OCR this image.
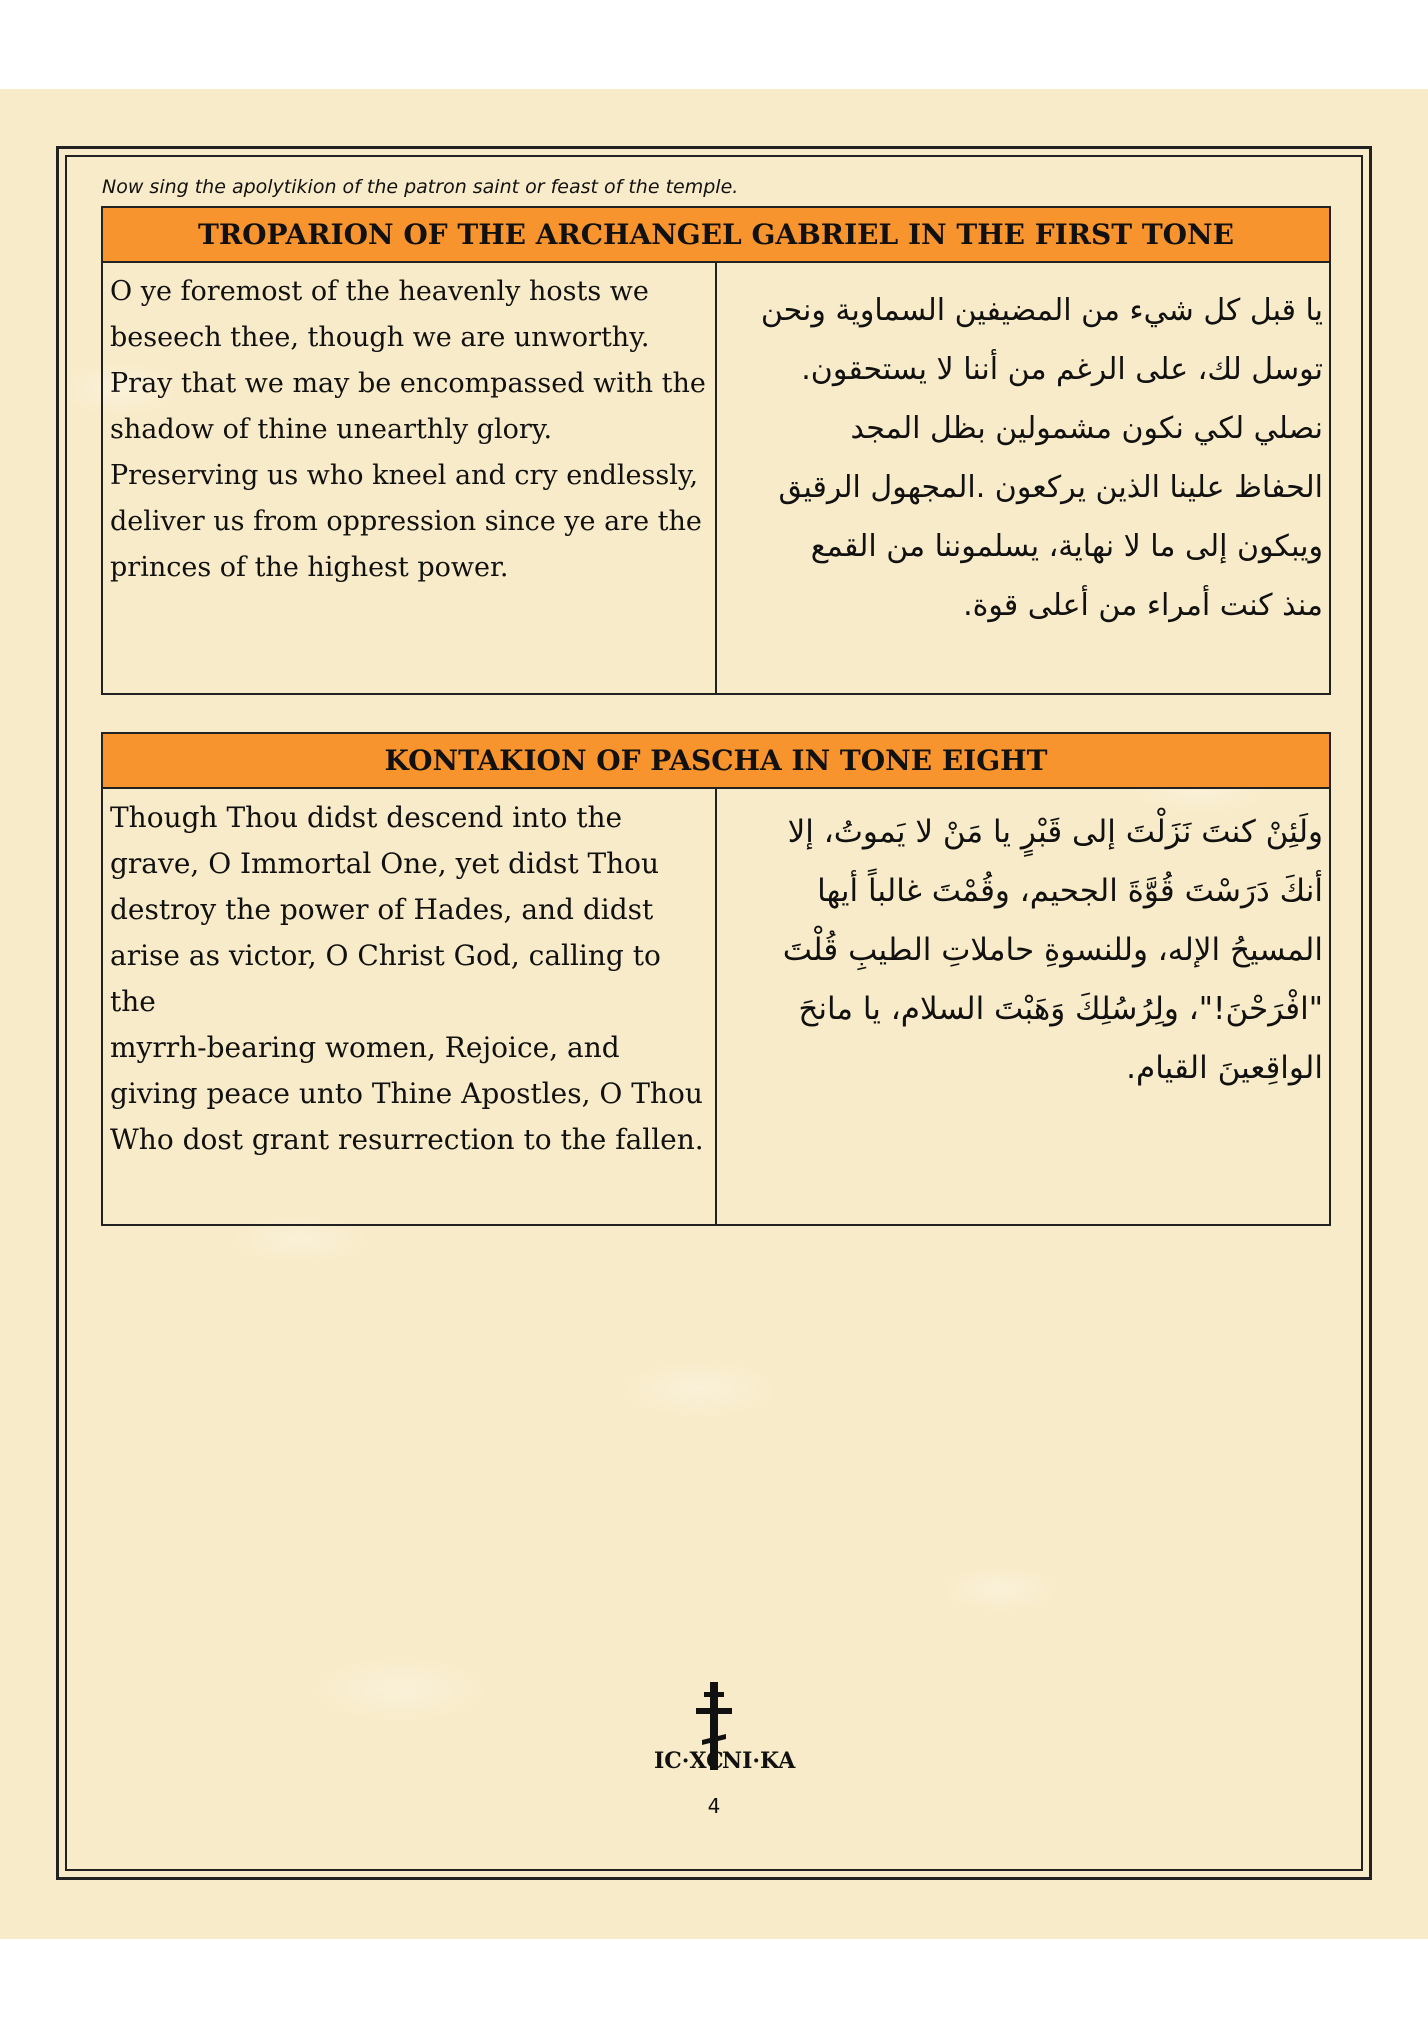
Now sing the apolytikion of the patron saint or feast of the temple.
TROPARION OF THE ARCHANGEL GABRIEL IN THE FIRST TONE
O ye foremost of the heavenly hosts we
beseech thee, though we are unworthy.
Pray that we may be encompassed with the
shadow of thine unearthly glory.
Preserving us who kneel and cry endlessly,
deliver us from oppression since ye are the
princes of the highest power.
يا قبل كل شيء من المضيفين السماوية ونحن
توسل لك، على الرغم من أننا لا يستحقون.
نصلي لكي نكون مشمولين بظل المجد
الحفاظ علينا الذين يركعون .المجهول الرقيق
ويبكون إلى ما لا نهاية، يسلموننا من القمع
منذ كنت أمراء من أعلى قوة.
KONTAKION OF PASCHA IN TONE EIGHT
Though Thou didst descend into the
grave, O Immortal One, yet didst Thou
destroy the power of Hades, and didst
arise as victor, O Christ God, calling to the
myrrh-bearing women, Rejoice, and
giving peace unto Thine Apostles, O Thou
Who dost grant resurrection to the fallen.
ولَئِنْ كنتَ نَزَلْتَ إلى قَبْرٍ يا مَنْ لا يَموتُ، إلا
أنكَ دَرَسْتَ قُوَّةَ الجحيم، وقُمْتَ غالباً أيها
المسيحُ الإله، وللنسوةِ حاملاتِ الطيبِ قُلْتَ
"افْرَحْنَ!"، ولِرُسُلِكَ وَهَبْتَ السلام، يا مانحَ
الواقِعينَ القيام.
IC·XC
NI·KA
4
